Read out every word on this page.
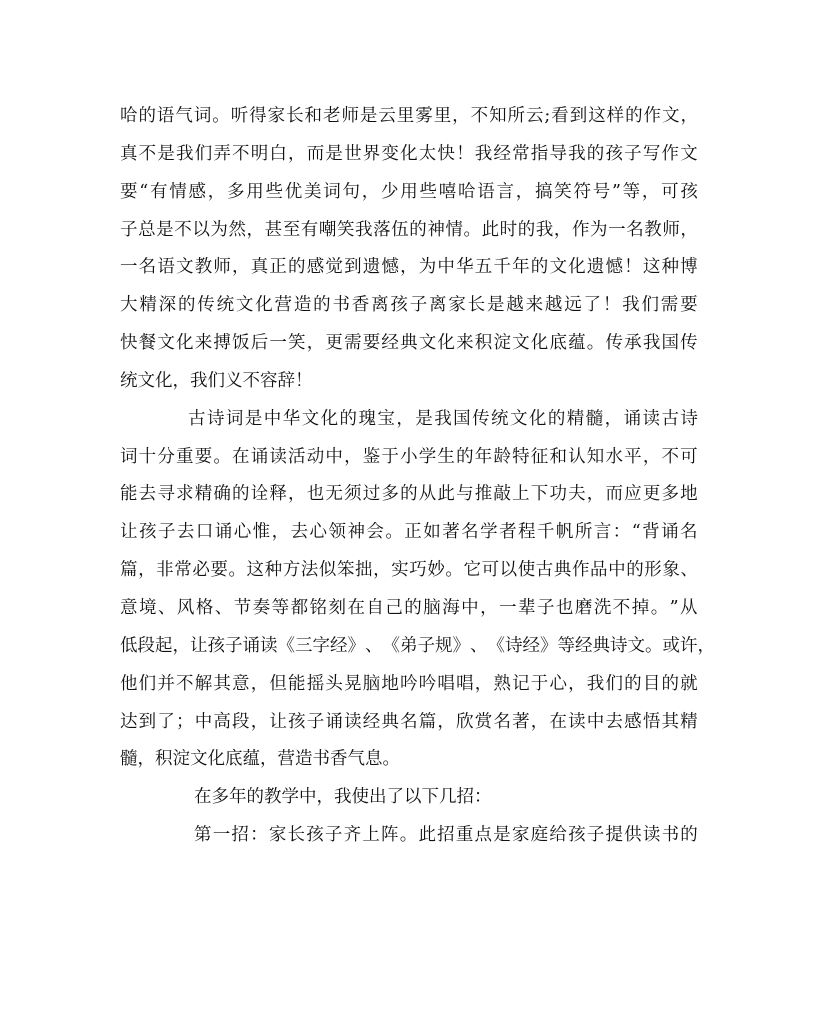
哈 的 语 气 词 。 听 得 家 长 和 老 师 是 云 里 雾 里 ， 不 知 所 云 ; 看 到 这 样 的 作 文 ，
真 不 是 我 们 弄 不 明 白 ， 而 是 世 界 变 化 太 快 ！ 我 经 常 指 导 我 的 孩 子 写 作 文
要 “ 有 情 感 ， 多 用 些 优 美 词 句 ， 少 用 些 嘻 哈 语 言 ， 搞 笑 符 号 ” 等 ， 可 孩
子 总 是 不 以 为 然 ， 甚 至 有 嘲 笑 我 落 伍 的 神 情 。 此 时 的 我 ， 作 为 一 名 教 师 ，
一 名 语 文 教 师 ， 真 正 的 感 觉 到 遗 憾 ， 为 中 华 五 千 年 的 文 化 遗 憾 ！ 这 种 博
大 精 深 的 传 统 文 化 营 造 的 书 香 离 孩 子 离 家 长 是 越 来 越 远 了 ！ 我 们 需 要
快 餐 文 化 来 搏 饭 后 一 笑 ， 更 需 要 经 典 文 化 来 积 淀 文 化 底 蕴 。 传 承 我 国 传
统 文 化 ， 我 们 义 不 容 辞 ！
古 诗 词 是 中 华 文 化 的 瑰 宝 ， 是 我 国 传 统 文 化 的 精 髓 ， 诵 读 古 诗
词 十 分 重 要 。 在 诵 读 活 动 中 ， 鉴 于 小 学 生 的 年 龄 特 征 和 认 知 水 平 ， 不 可
能 去 寻 求 精 确 的 诠 释 ， 也 无 须 过 多 的 从 此 与 推 敲 上 下 功 夫 ， 而 应 更 多 地
让 孩 子 去 口 诵 心 惟 ， 去 心 领 神 会 。 正 如 著 名 学 者 程 千 帆 所 言 ： “ 背 诵 名
篇 ， 非 常 必 要 。 这 种 方 法 似 笨 拙 ， 实 巧 妙 。 它 可 以 使 古 典 作 品 中 的 形 象 、
意 境 、 风 格 、 节 奏 等 都 铭 刻 在 自 己 的 脑 海 中 ， 一 辈 子 也 磨 洗 不 掉 。 ” 从
低 段 起 ， 让 孩 子 诵 读 《 三 字 经 》 、 《 弟 子 规 》 、 《 诗 经 》 等 经 典 诗 文 。 或 许 ，
他 们 并 不 解 其 意 ， 但 能 摇 头 晃 脑 地 吟 吟 唱 唱 ， 熟 记 于 心 ， 我 们 的 目 的 就
达 到 了 ； 中 高 段 ， 让 孩 子 诵 读 经 典 名 篇 ， 欣 赏 名 著 ， 在 读 中 去 感 悟 其 精
髓 ， 积 淀 文 化 底 蕴 ， 营 造 书 香 气 息 。
在 多 年 的 教 学 中 ， 我 使 出 了 以 下 几 招 ：
第 一 招 ： 家 长 孩 子 齐 上 阵 。 此 招 重 点 是 家 庭 给 孩 子 提 供 读 书 的
